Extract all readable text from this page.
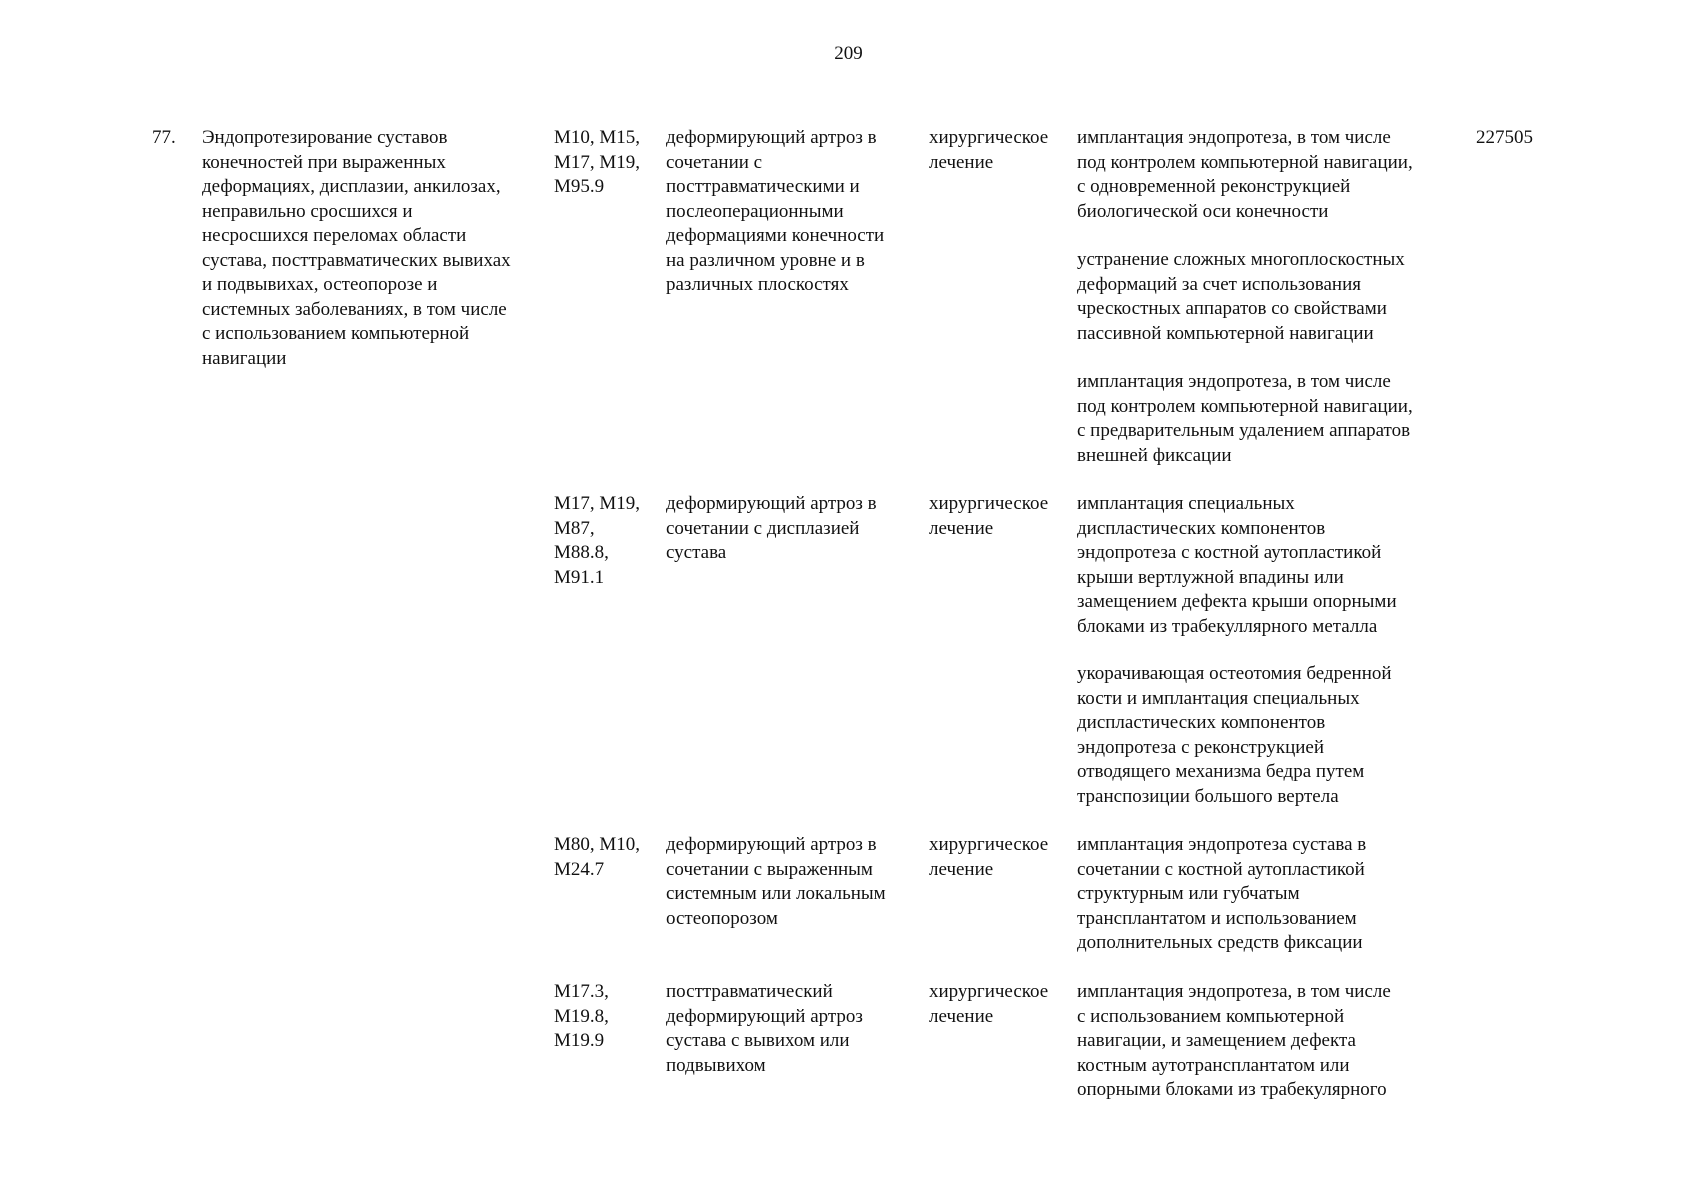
209
77.	Эндопротезирование суставов
конечностей при выраженных
деформациях, дисплазии, анкилозах,
неправильно сросшихся и
несросшихся переломах области
сустава, посттравматических вывихах
и подвывихах, остеопорозе и
системных заболеваниях, в том числе
с использованием компьютерной
навигации
227505
M10, M15,
M17, M19,
M95.9
деформирующий артроз в
сочетании с
посттравматическими и
послеоперационными
деформациями конечности
на различном уровне и в
различных плоскостях
хирургическое
лечение
имплантация эндопротеза, в том числе
под контролем компьютерной навигации,
с одновременной реконструкцией
биологической оси конечности
устранение сложных многоплоскостных
деформаций за счет использования
чрескостных аппаратов со свойствами
пассивной компьютерной навигации
имплантация эндопротеза, в том числе
под контролем компьютерной навигации,
с предварительным удалением аппаратов
внешней фиксации
M17, M19,
M87,
M88.8,
M91.1
деформирующий артроз в
сочетании с дисплазией
сустава
хирургическое
лечение
имплантация специальных
диспластических компонентов
эндопротеза с костной аутопластикой
крыши вертлужной впадины или
замещением дефекта крыши опорными
блоками из трабекуллярного металла
укорачивающая остеотомия бедренной
кости и имплантация специальных
диспластических компонентов
эндопротеза с реконструкцией
отводящего механизма бедра путем
транспозиции большого вертела
M80, M10,
M24.7
деформирующий артроз в
сочетании с выраженным
системным или локальным
остеопорозом
хирургическое
лечение
имплантация эндопротеза сустава в
сочетании с костной аутопластикой
структурным или губчатым
трансплантатом и использованием
дополнительных средств фиксации
M17.3,
M19.8,
M19.9
посттравматический
деформирующий артроз
сустава с вывихом или
подвывихом
хирургическое
лечение
имплантация эндопротеза, в том числе
с использованием компьютерной
навигации, и замещением дефекта
костным аутотрансплантатом или
опорными блоками из трабекулярного
